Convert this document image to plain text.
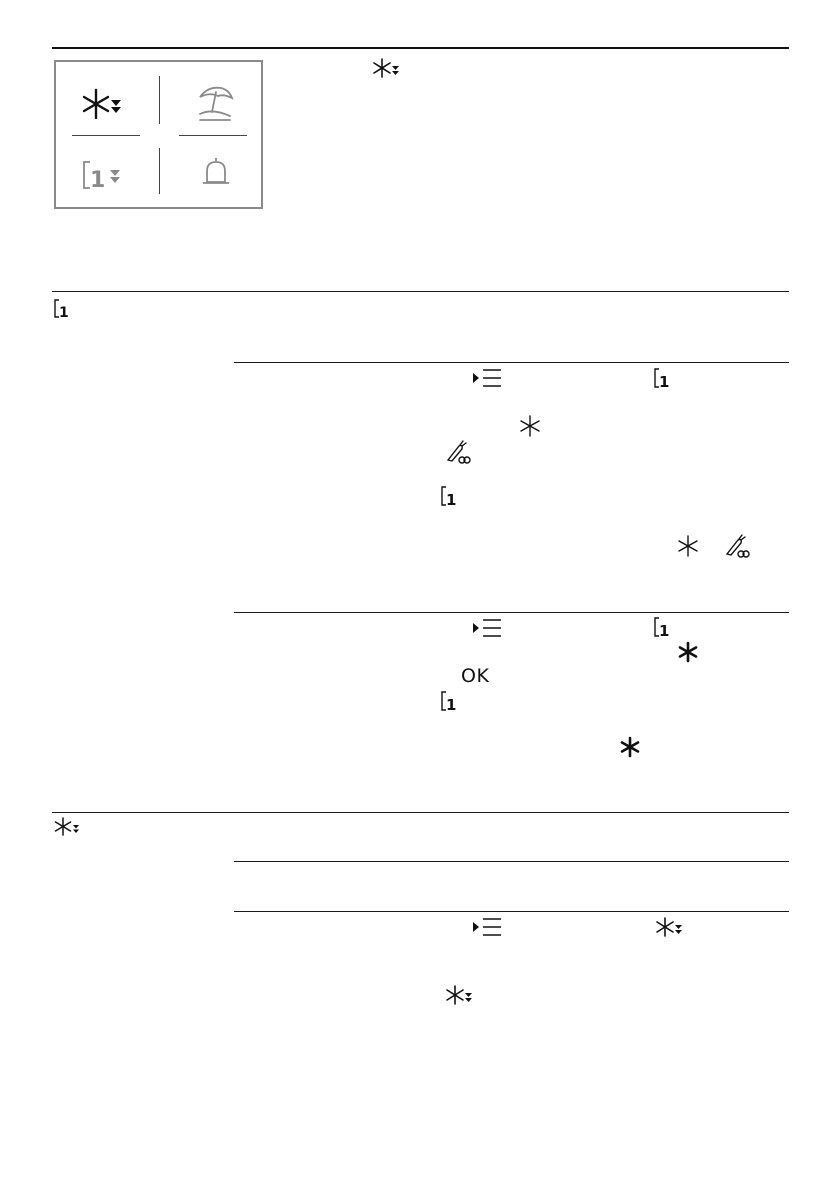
1
1
1
1
1
OK
1
